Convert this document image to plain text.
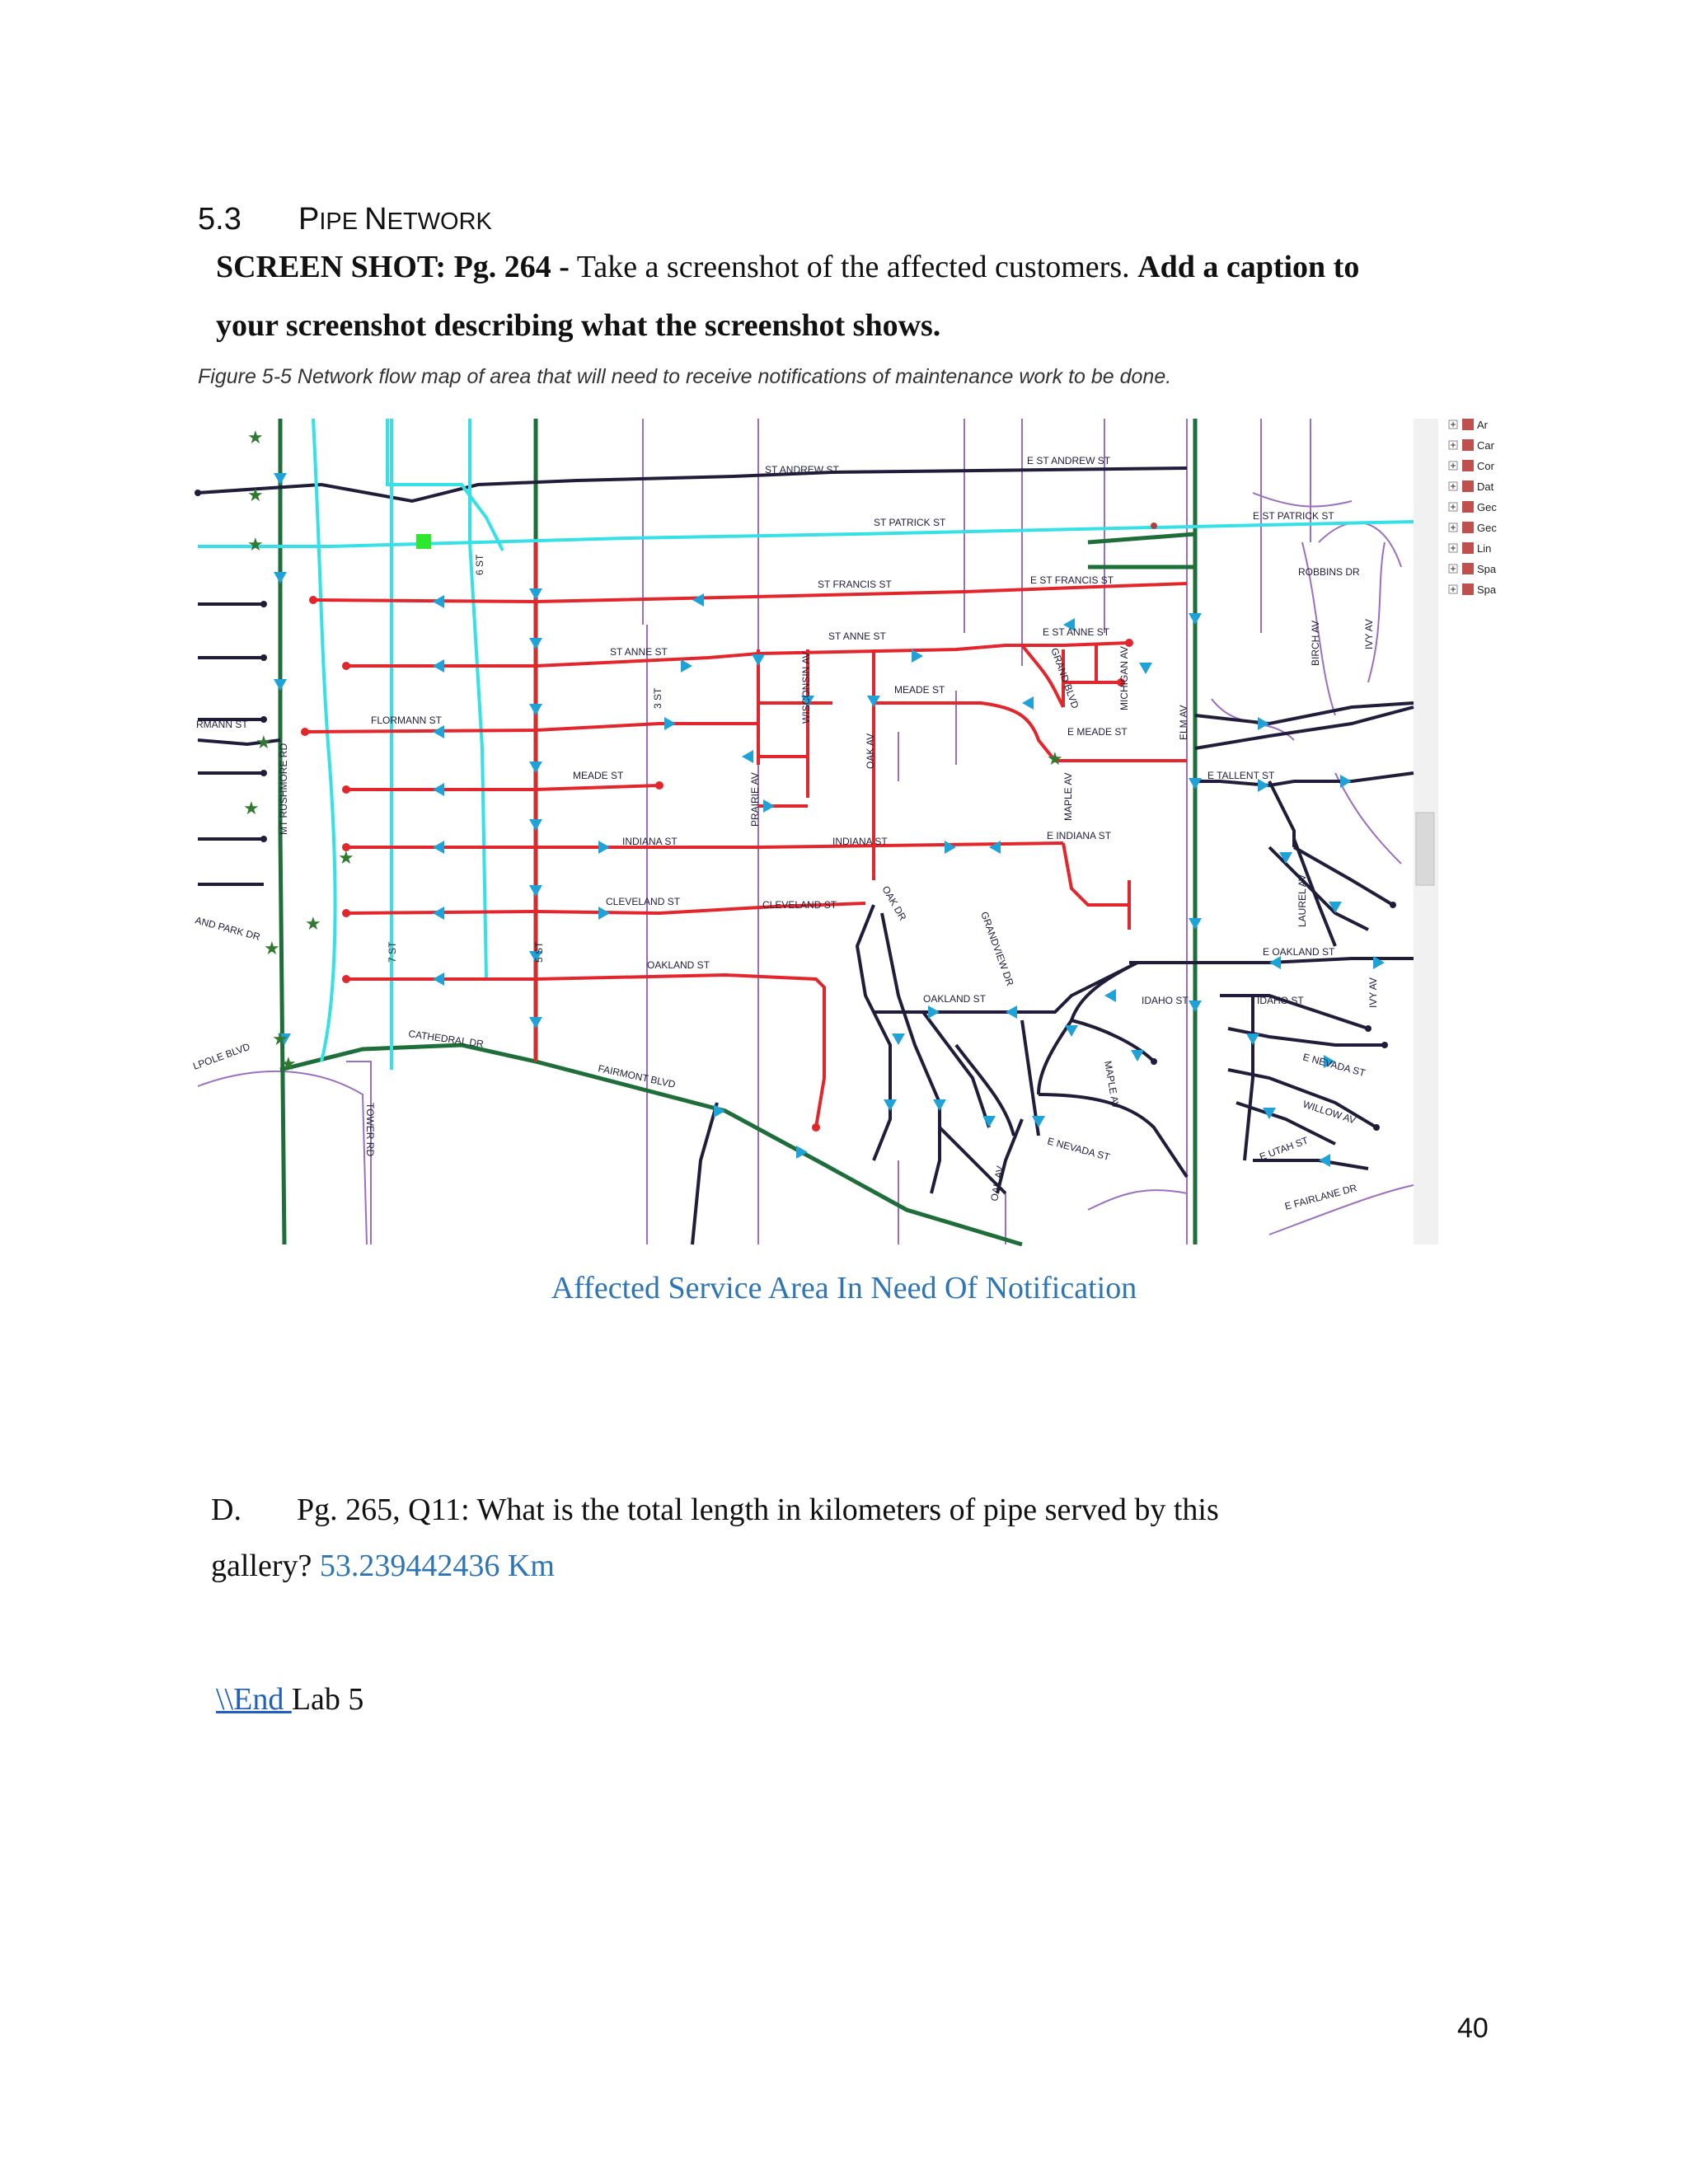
5.3 PIPE NETWORK
SCREEN SHOT: Pg. 264 - Take a screenshot of the affected customers. Add a caption to
your screenshot describing what the screenshot shows.
Figure 5-5 Network flow map of area that will need to receive notifications of maintenance work to be done.
★
★
★
★
★
★
★
★
★
★
★
ST ANDREW ST
E ST ANDREW ST
ST PATRICK ST
E ST PATRICK ST
ST FRANCIS ST	E ST FRANCIS ST
ROBBINS DR
ST ANNE ST
ST ANNE ST	E ST ANNE ST
MEADE ST
E MEADE ST
FLORMANN ST
RMANN ST
MEADE ST
INDIANA ST	INDIANA ST	E INDIANA ST
E TALLENT ST
CLEVELAND ST	CLEVELAND ST
OAKLAND ST
OAKLAND ST
E OAKLAND ST
IDAHO ST	IDAHO ST
CATHEDRAL DR
FAIRMONT BLVD
E NEVADA ST
E NEVADA ST
WILLOW AV
E UTAH ST
E FAIRLANE DR
AND PARK DR
LPOLE BLVD
6 ST
3 ST
7 ST	5 ST
MT RUSHMORE RD
TOWER RD
PRAIRIE AV
WISCONSIN AV
OAK AV
MAPLE AV
MICHIGAN AV
ELM AV
GRAND BLVD
BIRCH AV	IVY AV
LAUREL AV
OAK DR
GRANDVIEW DR
MAPLE AV
IVY AV
OAK AV
Ar
Car
Cor
Dat
Gec
Gec
Lin
Spa
Spa
Affected Service Area In Need Of Notification
D. Pg. 265, Q11: What is the total length in kilometers of pipe served by this
gallery? 53.239442436 Km
\\End Lab 5
40
